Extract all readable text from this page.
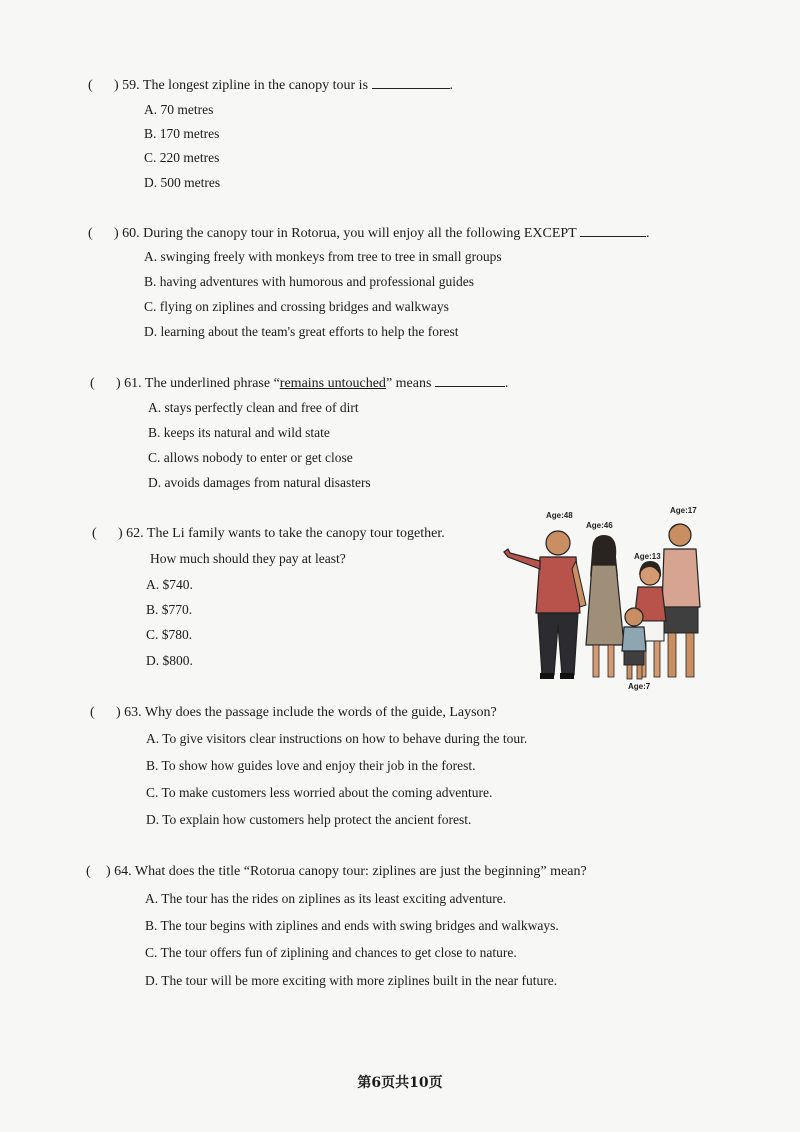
( ) 59. The longest zipline in the canopy tour is	.
A. 70 metres
B. 170 metres
C. 220 metres
D. 500 metres
( ) 60. During the canopy tour in Rotorua, you will enjoy all the following EXCEPT	.
A. swinging freely with monkeys from tree to tree in small groups
B. having adventures with humorous and professional guides
C. flying on ziplines and crossing bridges and walkways
D. learning about the team's great efforts to help the forest
( ) 61. The underlined phrase “remains untouched” means	.
A. stays perfectly clean and free of dirt
B. keeps its natural and wild state
C. allows nobody to enter or get close
D. avoids damages from natural disasters
( ) 62. The Li family wants to take the canopy tour together.
How much should they pay at least?
A. $740.
B. $770.
C. $780.
D. $800.
Age:48
Age:46
Age:13
Age:17
Age:7
( ) 63. Why does the passage include the words of the guide, Layson?
A. To give visitors clear instructions on how to behave during the tour.
B. To show how guides love and enjoy their job in the forest.
C. To make customers less worried about the coming adventure.
D. To explain how customers help protect the ancient forest.
( ) 64. What does the title “Rotorua canopy tour: ziplines are just the beginning” mean?
A. The tour has the rides on ziplines as its least exciting adventure.
B. The tour begins with ziplines and ends with swing bridges and walkways.
C. The tour offers fun of ziplining and chances to get close to nature.
D. The tour will be more exciting with more ziplines built in the near future.
第6页共10页
